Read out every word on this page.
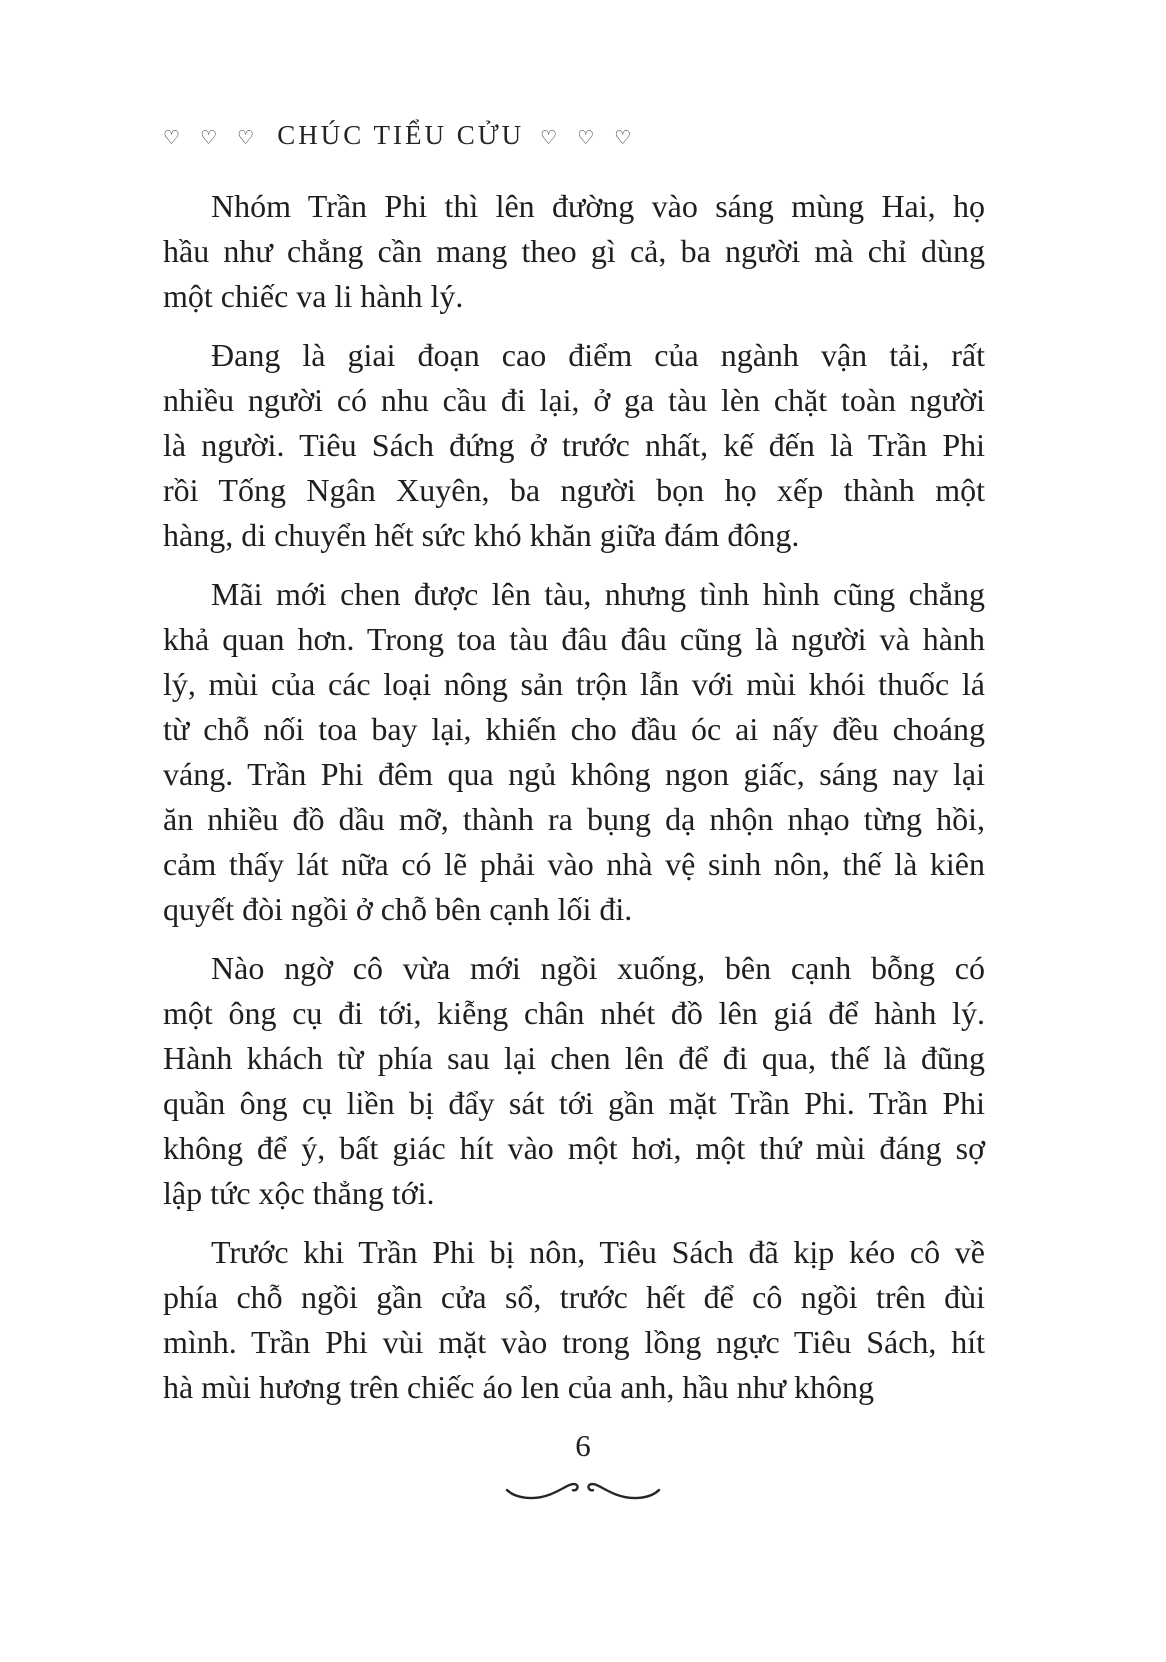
♡ ♡ ♡ CHÚC TIỂU CỬU ♡ ♡ ♡
Nhóm Trần Phi thì lên đường vào sáng mùng Hai, họ
hầu như chẳng cần mang theo gì cả, ba người mà chỉ dùng
một chiếc va li hành lý.
Đang là giai đoạn cao điểm của ngành vận tải, rất
nhiều người có nhu cầu đi lại, ở ga tàu lèn chặt toàn người
là người. Tiêu Sách đứng ở trước nhất, kế đến là Trần Phi
rồi Tống Ngân Xuyên, ba người bọn họ xếp thành một
hàng, di chuyển hết sức khó khăn giữa đám đông.
Mãi mới chen được lên tàu, nhưng tình hình cũng chẳng
khả quan hơn. Trong toa tàu đâu đâu cũng là người và hành
lý, mùi của các loại nông sản trộn lẫn với mùi khói thuốc lá
từ chỗ nối toa bay lại, khiến cho đầu óc ai nấy đều choáng
váng. Trần Phi đêm qua ngủ không ngon giấc, sáng nay lại
ăn nhiều đồ dầu mỡ, thành ra bụng dạ nhộn nhạo từng hồi,
cảm thấy lát nữa có lẽ phải vào nhà vệ sinh nôn, thế là kiên
quyết đòi ngồi ở chỗ bên cạnh lối đi.
Nào ngờ cô vừa mới ngồi xuống, bên cạnh bỗng có
một ông cụ đi tới, kiễng chân nhét đồ lên giá để hành lý.
Hành khách từ phía sau lại chen lên để đi qua, thế là đũng
quần ông cụ liền bị đẩy sát tới gần mặt Trần Phi. Trần Phi
không để ý, bất giác hít vào một hơi, một thứ mùi đáng sợ
lập tức xộc thẳng tới.
Trước khi Trần Phi bị nôn, Tiêu Sách đã kịp kéo cô về
phía chỗ ngồi gần cửa sổ, trước hết để cô ngồi trên đùi
mình. Trần Phi vùi mặt vào trong lồng ngực Tiêu Sách, hít
hà mùi hương trên chiếc áo len của anh, hầu như không
6
